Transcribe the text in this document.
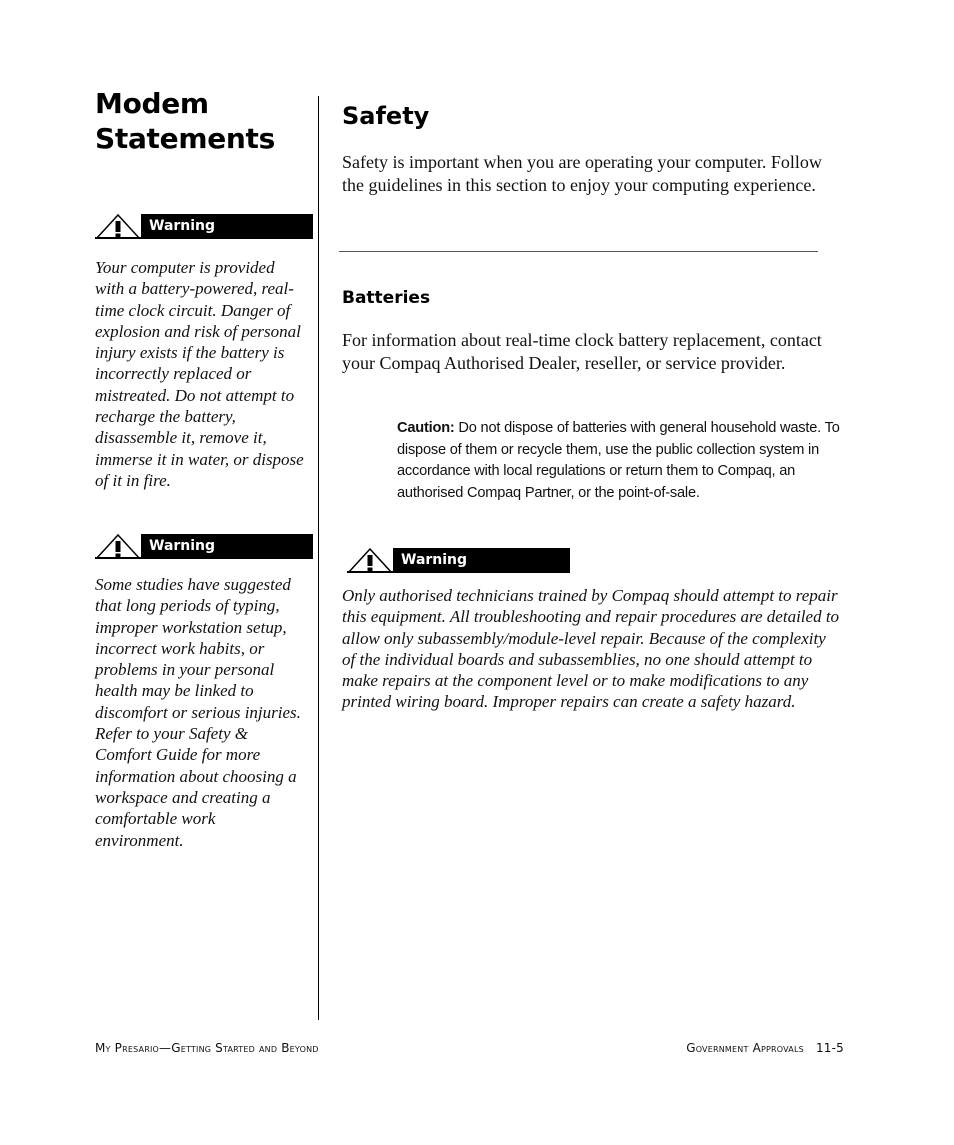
Modem Statements
Warning

Your computer is provided with a battery-powered, real-time clock circuit. Danger of explosion and risk of personal injury exists if the battery is incorrectly replaced or mistreated. Do not attempt to recharge the battery, disassemble it, remove it, immerse it in water, or dispose of it in fire.

Warning

Some studies have suggested that long periods of typing, improper workstation setup, incorrect work habits, or problems in your personal health may be linked to discomfort or serious injuries. Refer to your Safety & Comfort Guide for more information about choosing a workspace and creating a comfortable work environment.

Safety

Safety is important when you are operating your computer. Follow the guidelines in this section to enjoy your computing experience.

Batteries

For information about real-time clock battery replacement, contact your Compaq Authorised Dealer, reseller, or service provider.

Caution: Do not dispose of batteries with general household waste. To dispose of them or recycle them, use the public collection system in accordance with local regulations or return them to Compaq, an authorised Compaq Partner, or the point-of-sale.

Warning

Only authorised technicians trained by Compaq should attempt to repair this equipment. All troubleshooting and repair procedures are detailed to allow only subassembly/module-level repair. Because of the complexity of the individual boards and subassemblies, no one should attempt to make repairs at the component level or to make modifications to any printed wiring board. Improper repairs can create a safety hazard.

My Presario—Getting Started and Beyond	Government Approvals   11-5
